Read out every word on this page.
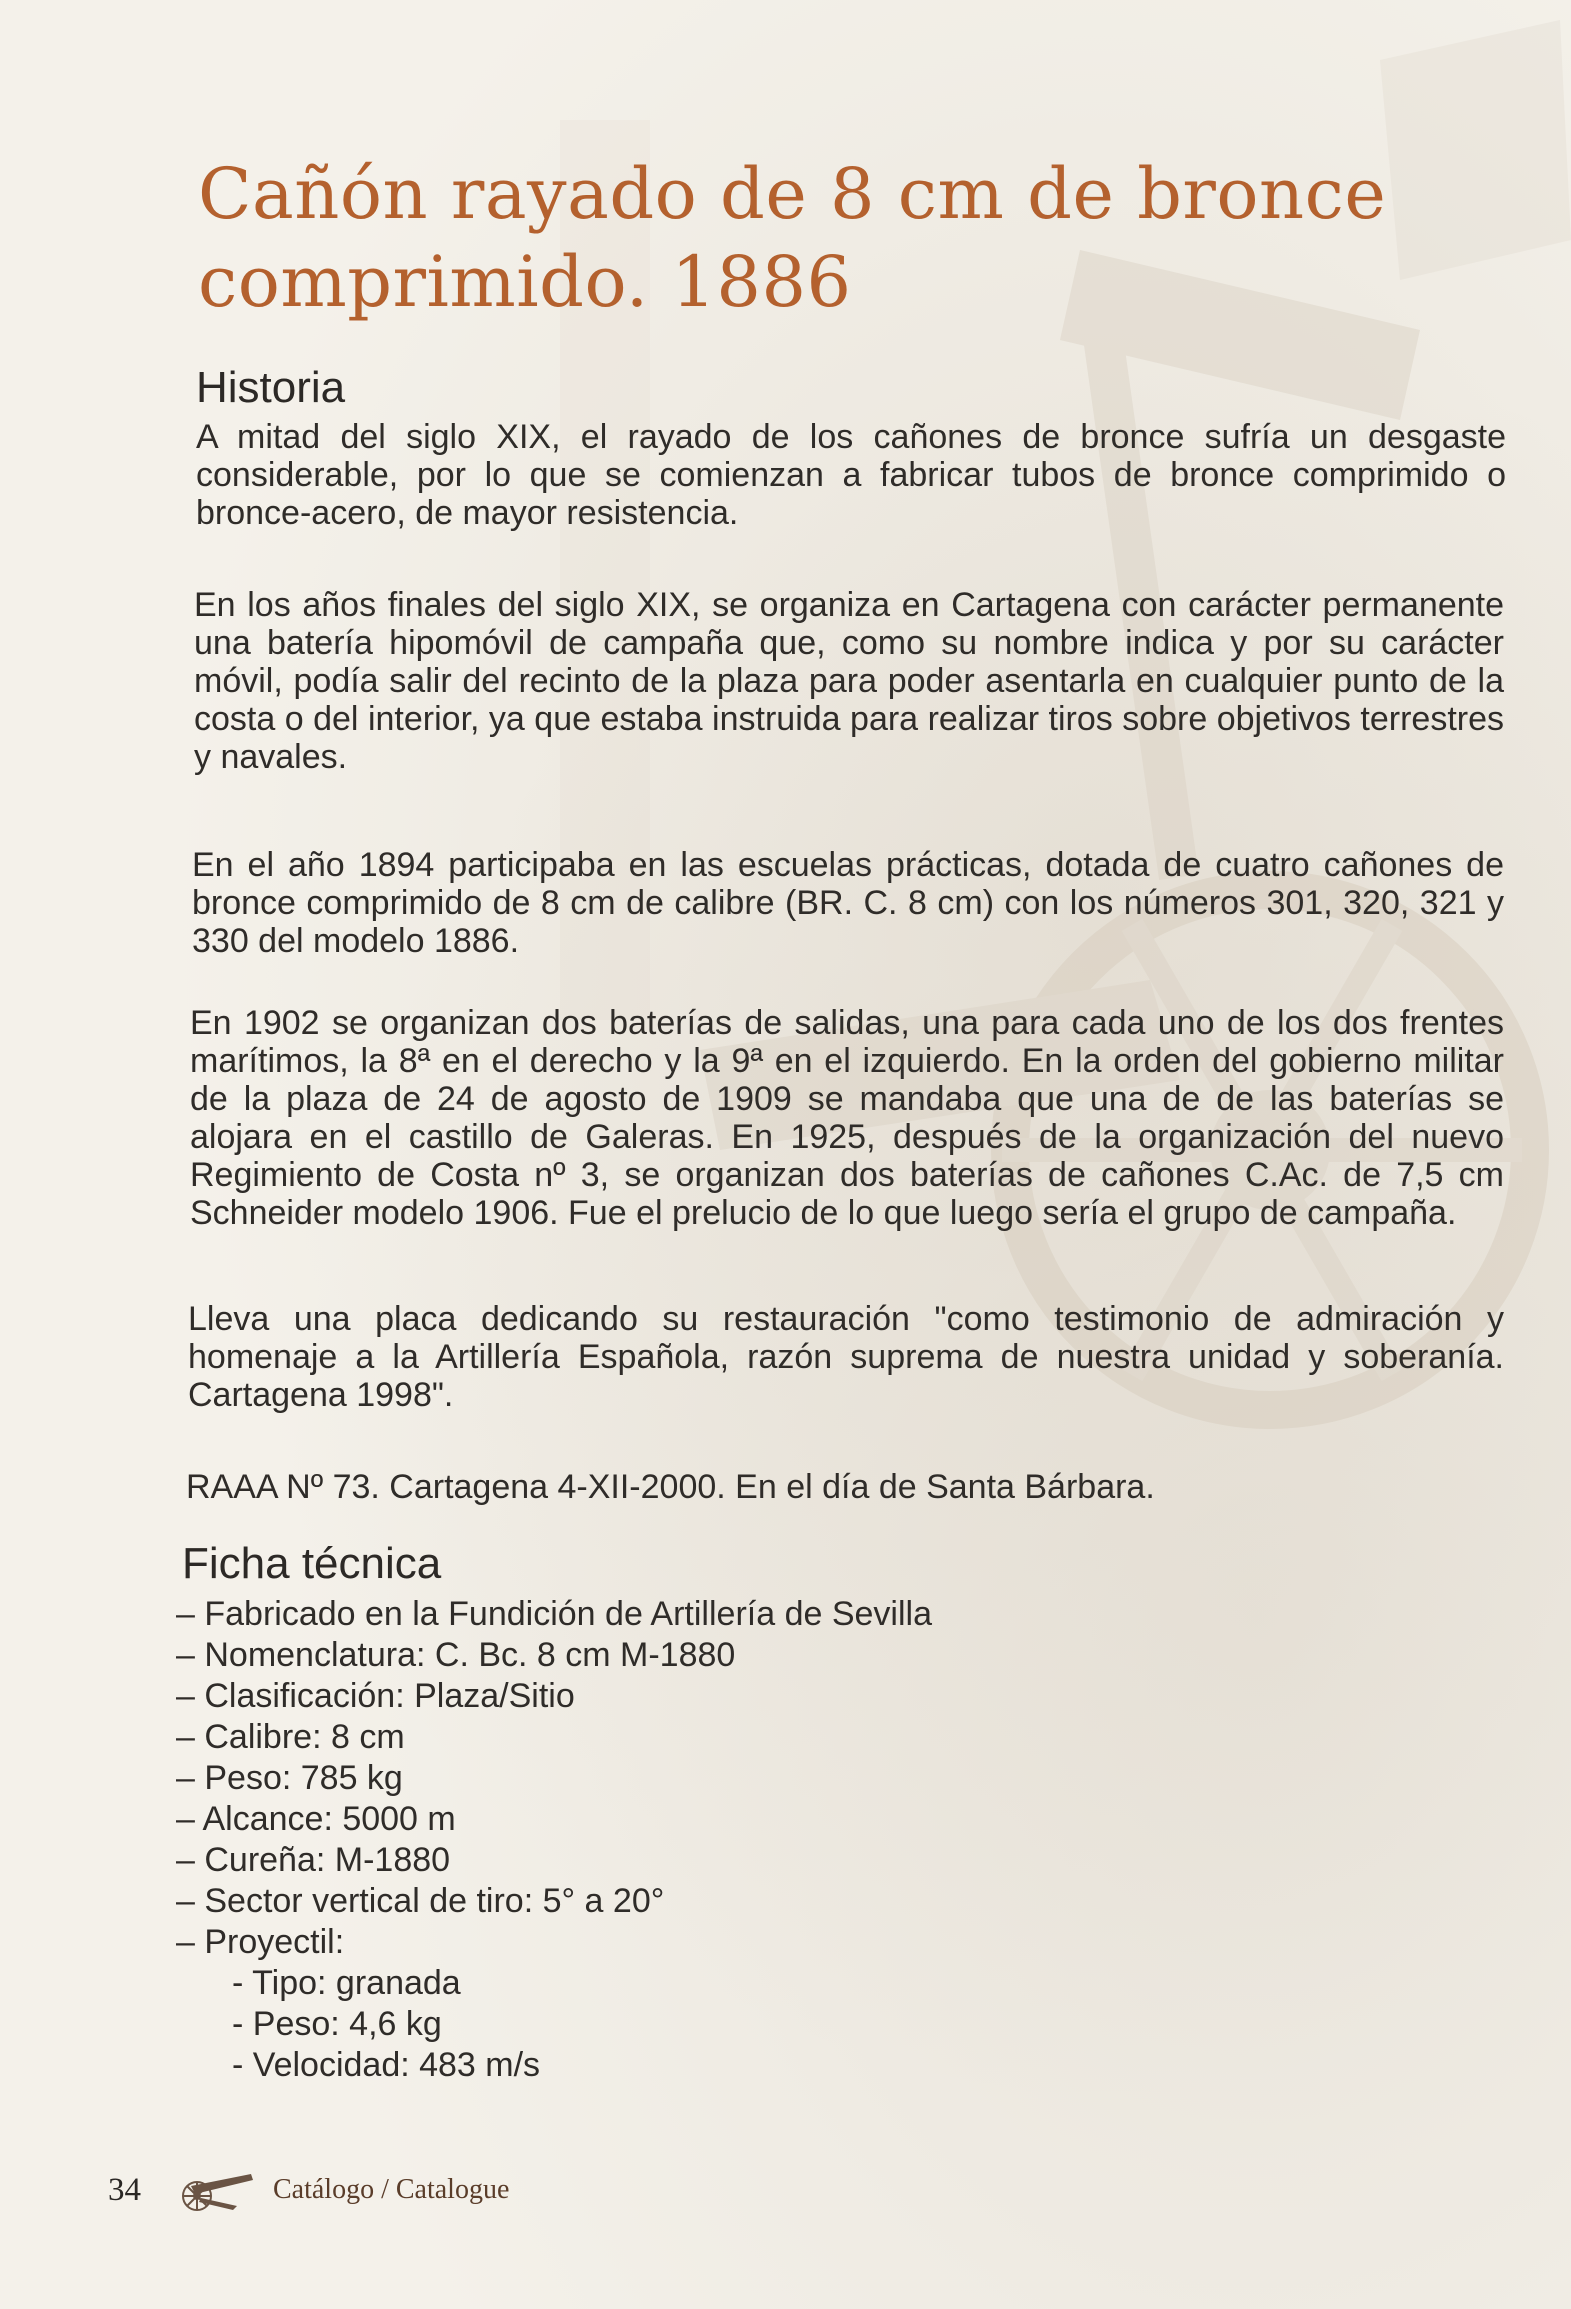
Cañón rayado de 8 cm de bronce
comprimido. 1886
Historia

A mitad del siglo XIX, el rayado de los cañones de bronce sufría un desgaste considerable, por lo que se comienzan a fabricar tubos de bronce comprimido o bronce-acero, de mayor resistencia.

En los años finales del siglo XIX, se organiza en Cartagena con carácter permanente una batería hipomóvil de campaña que, como su nombre indica y por su carácter móvil, podía salir del recinto de la plaza para poder asentarla en cualquier punto de la costa o del interior, ya que estaba instruida para realizar tiros sobre objetivos terrestres y navales.

En el año 1894 participaba en las escuelas prácticas, dotada de cuatro cañones de bronce comprimido de 8 cm de calibre (BR. C. 8 cm) con los números 301, 320, 321 y 330 del modelo 1886.

En 1902 se organizan dos baterías de salidas, una para cada uno de los dos frentes marítimos, la 8ª en el derecho y la 9ª en el izquierdo. En la orden del gobierno militar de la plaza de 24 de agosto de 1909 se mandaba que una de de las baterías se alojara en el castillo de Galeras. En 1925, después de la organización del nuevo Regimiento de Costa nº 3, se organizan dos baterías de cañones C.Ac. de 7,5 cm Schneider modelo 1906. Fue el prelucio de lo que luego sería el grupo de campaña.

Lleva una placa dedicando su restauración "como testimonio de admiración y homenaje a la Artillería Española, razón suprema de nuestra unidad y soberanía. Cartagena 1998".

RAAA Nº 73. Cartagena 4-XII-2000. En el día de Santa Bárbara.

Ficha técnica
– Fabricado en la Fundición de Artillería de Sevilla
– Nomenclatura: C. Bc. 8 cm M-1880
– Clasificación: Plaza/Sitio
– Calibre: 8 cm
– Peso: 785 kg
– Alcance: 5000 m
– Cureña: M-1880
– Sector vertical de tiro: 5° a 20°
– Proyectil:
- Tipo: granada
- Peso: 4,6 kg
- Velocidad: 483 m/s
34	Catálogo / Catalogue
